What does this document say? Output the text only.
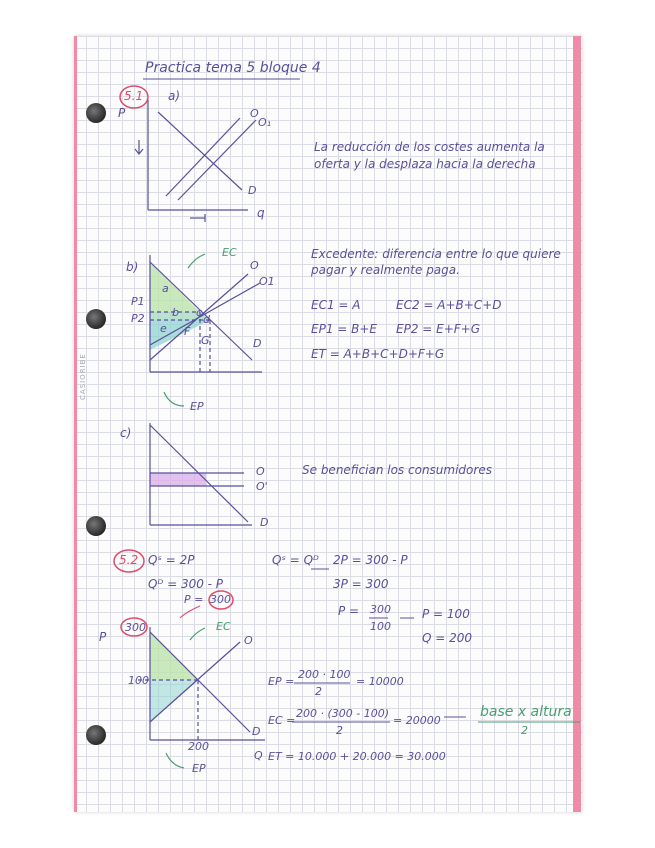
CASIORIBE
Practica tema 5 bloque 4
5.1 a)
P	O
O₁
D
q
La reducción de los costes aumenta la
oferta y la desplaza hacia la derecha
b)
EC
O
O1
D
P1
P2
a
b c
d
e F
G
EP
Excedente: diferencia entre lo que quiere
pagar y realmente paga.
EC1 = A	EC2 = A+B+C+D
EP1 = B+E EP2 = E+F+G
ET = A+B+C+D+F+G
c)
O
O'
D
Se benefician los consumidores
5.2 Qˢ = 2P
Qᴰ = 300 - P
P = 300
Qˢ = Qᴰ 2P = 300 - P
3P = 300
P = 300
100
P = 100
Q = 200
300
P
EC
O
100
D
200
Q
EP
EP =
200 · 100
2
= 10000
EC =
200 · (300 - 100)
2
= 20000
base x altura
2
ET = 10.000 + 20.000 = 30.000
